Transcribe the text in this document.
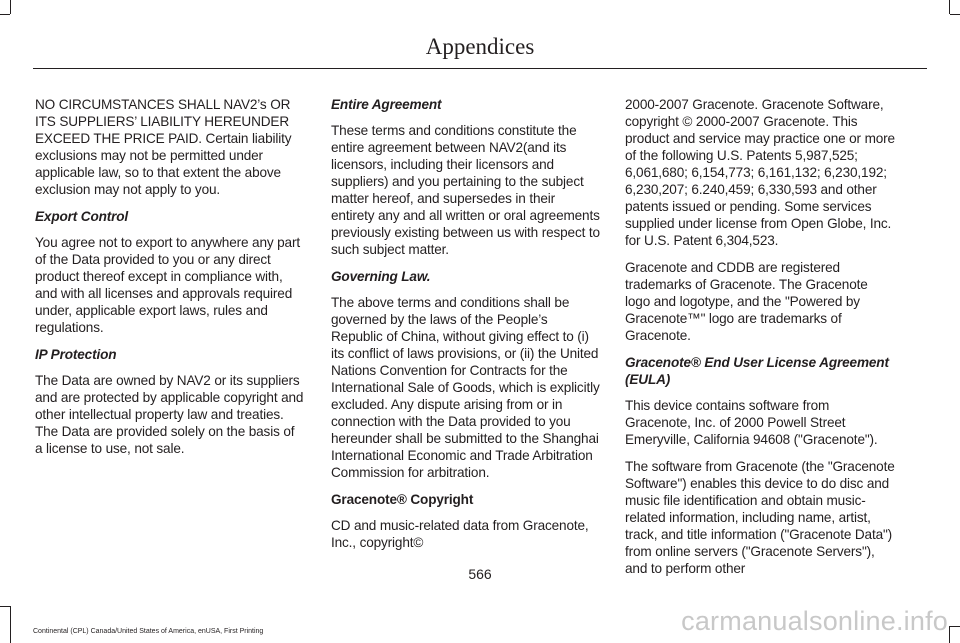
Appendices

NO CIRCUMSTANCES SHALL NAV2’s OR ITS SUPPLIERS’ LIABILITY HEREUNDER EXCEED THE PRICE PAID. Certain liability exclusions may not be permitted under applicable law, so to that extent the above exclusion may not apply to you.

Export Control

You agree not to export to anywhere any part of the Data provided to you or any direct product thereof except in compliance with, and with all licenses and approvals required under, applicable export laws, rules and regulations.

IP Protection

The Data are owned by NAV2 or its suppliers and are protected by applicable copyright and other intellectual property law and treaties. The Data are provided solely on the basis of a license to use, not sale.

Entire Agreement

These terms and conditions constitute the entire agreement between NAV2(and its licensors, including their licensors and suppliers) and you pertaining to the subject matter hereof, and supersedes in their entirety any and all written or oral agreements previously existing between us with respect to such subject matter.

Governing Law.

The above terms and conditions shall be governed by the laws of the People’s Republic of China, without giving effect to (i) its conflict of laws provisions, or (ii) the United Nations Convention for Contracts for the International Sale of Goods, which is explicitly excluded. Any dispute arising from or in connection with the Data provided to you hereunder shall be submitted to the Shanghai International Economic and Trade Arbitration Commission for arbitration.

Gracenote® Copyright

CD and music-related data from Gracenote, Inc., copyright©

2000-2007 Gracenote. Gracenote Software, copyright © 2000-2007 Gracenote. This product and service may practice one or more of the following U.S. Patents 5,987,525; 6,061,680; 6,154,773; 6,161,132; 6,230,192; 6,230,207; 6.240,459; 6,330,593 and other patents issued or pending. Some services supplied under license from Open Globe, Inc. for U.S. Patent 6,304,523.

Gracenote and CDDB are registered trademarks of Gracenote. The Gracenote logo and logotype, and the "Powered by Gracenote™" logo are trademarks of Gracenote.

Gracenote® End User License Agreement (EULA)

This device contains software from Gracenote, Inc. of 2000 Powell Street Emeryville, California 94608 ("Gracenote").

The software from Gracenote (the "Gracenote Software") enables this device to do disc and music file identification and obtain music-related information, including name, artist, track, and title information ("Gracenote Data") from online servers ("Gracenote Servers"), and to perform other

566
Continental (CPL) Canada/United States of America, enUSA, First Printing	carmanualsonline.info
